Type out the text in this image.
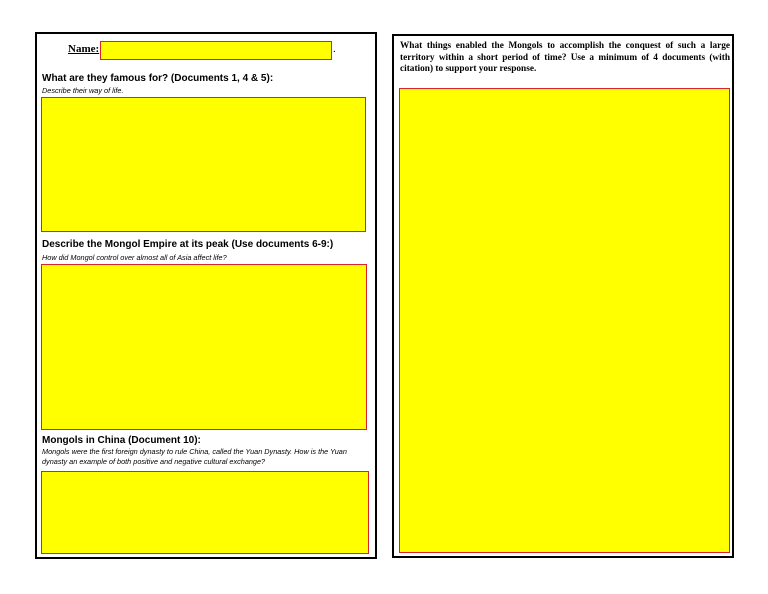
Name:	.
What are they famous for? (Documents 1, 4 & 5):
Describe their way of life.
Describe the Mongol Empire at its peak (Use documents 6-9:)
How did Mongol control over almost all of Asia affect life?
Mongols in China (Document 10):
Mongols were the first foreign dynasty to rule China, called the Yuan Dynasty. How is the Yuan dynasty an example of both positive and negative cultural exchange?
What things enabled the Mongols to accomplish the conquest of such a large territory within a short period of time? Use a minimum of 4 documents (with citation) to support your response.
